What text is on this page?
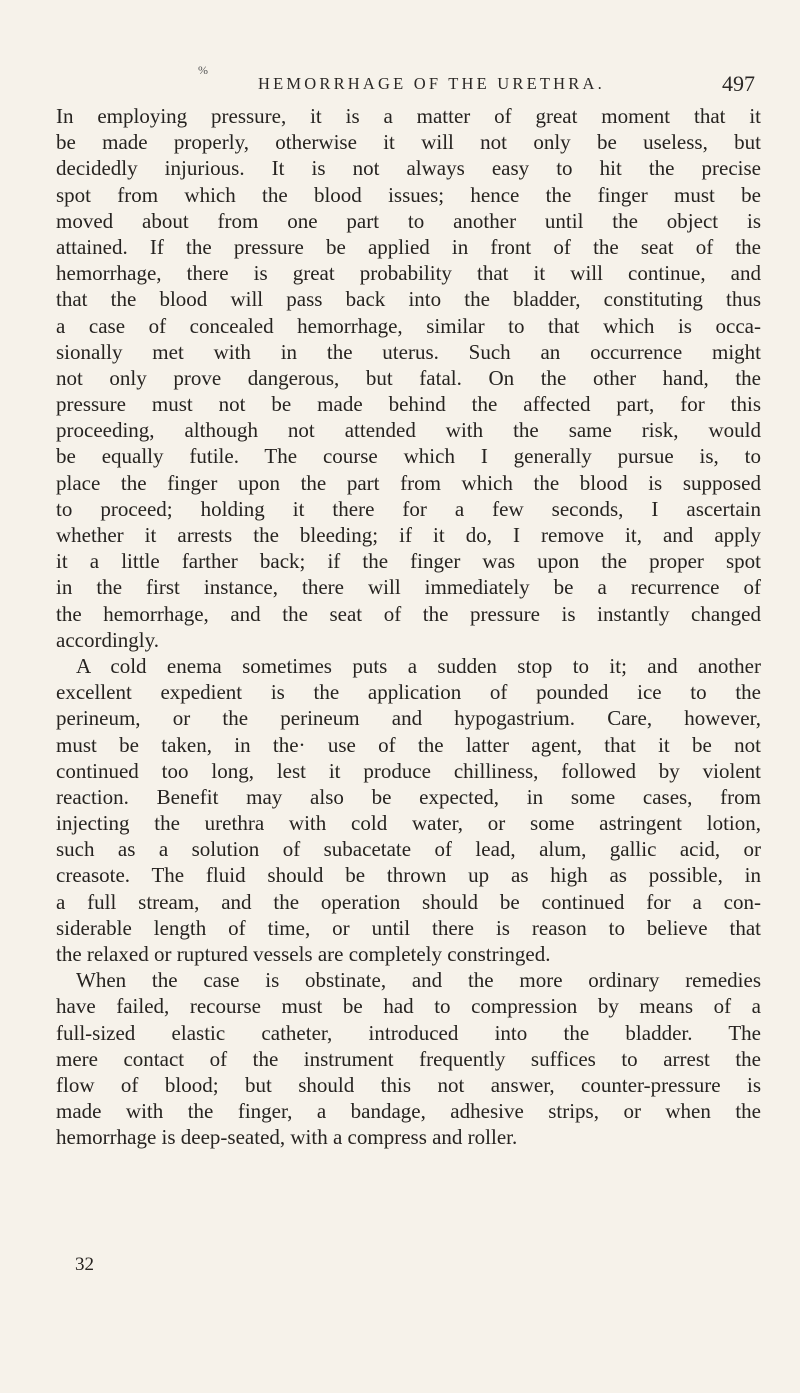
%
HEMORRHAGE OF THE URETHRA.	497
In employing pressure, it is a matter of great moment that it
be made properly, otherwise it will not only be useless, but
decidedly injurious. It is not always easy to hit the precise
spot from which the blood issues; hence the finger must be
moved about from one part to another until the object is
attained. If the pressure be applied in front of the seat of the
hemorrhage, there is great probability that it will continue, and
that the blood will pass back into the bladder, constituting thus
a case of concealed hemorrhage, similar to that which is occa-
sionally met with in the uterus. Such an occurrence might
not only prove dangerous, but fatal. On the other hand, the
pressure must not be made behind the affected part, for this
proceeding, although not attended with the same risk, would
be equally futile. The course which I generally pursue is, to
place the finger upon the part from which the blood is supposed
to proceed; holding it there for a few seconds, I ascertain
whether it arrests the bleeding; if it do, I remove it, and apply
it a little farther back; if the finger was upon the proper spot
in the first instance, there will immediately be a recurrence of
the hemorrhage, and the seat of the pressure is instantly changed
accordingly.
A cold enema sometimes puts a sudden stop to it; and another
excellent expedient is the application of pounded ice to the
perineum, or the perineum and hypogastrium. Care, however,
must be taken, in the· use of the latter agent, that it be not
continued too long, lest it produce chilliness, followed by violent
reaction. Benefit may also be expected, in some cases, from
injecting the urethra with cold water, or some astringent lotion,
such as a solution of subacetate of lead, alum, gallic acid, or
creasote. The fluid should be thrown up as high as possible, in
a full stream, and the operation should be continued for a con-
siderable length of time, or until there is reason to believe that
the relaxed or ruptured vessels are completely constringed.
When the case is obstinate, and the more ordinary remedies
have failed, recourse must be had to compression by means of a
full-sized elastic catheter, introduced into the bladder. The
mere contact of the instrument frequently suffices to arrest the
flow of blood; but should this not answer, counter-pressure is
made with the finger, a bandage, adhesive strips, or when the
hemorrhage is deep-seated, with a compress and roller.
32
